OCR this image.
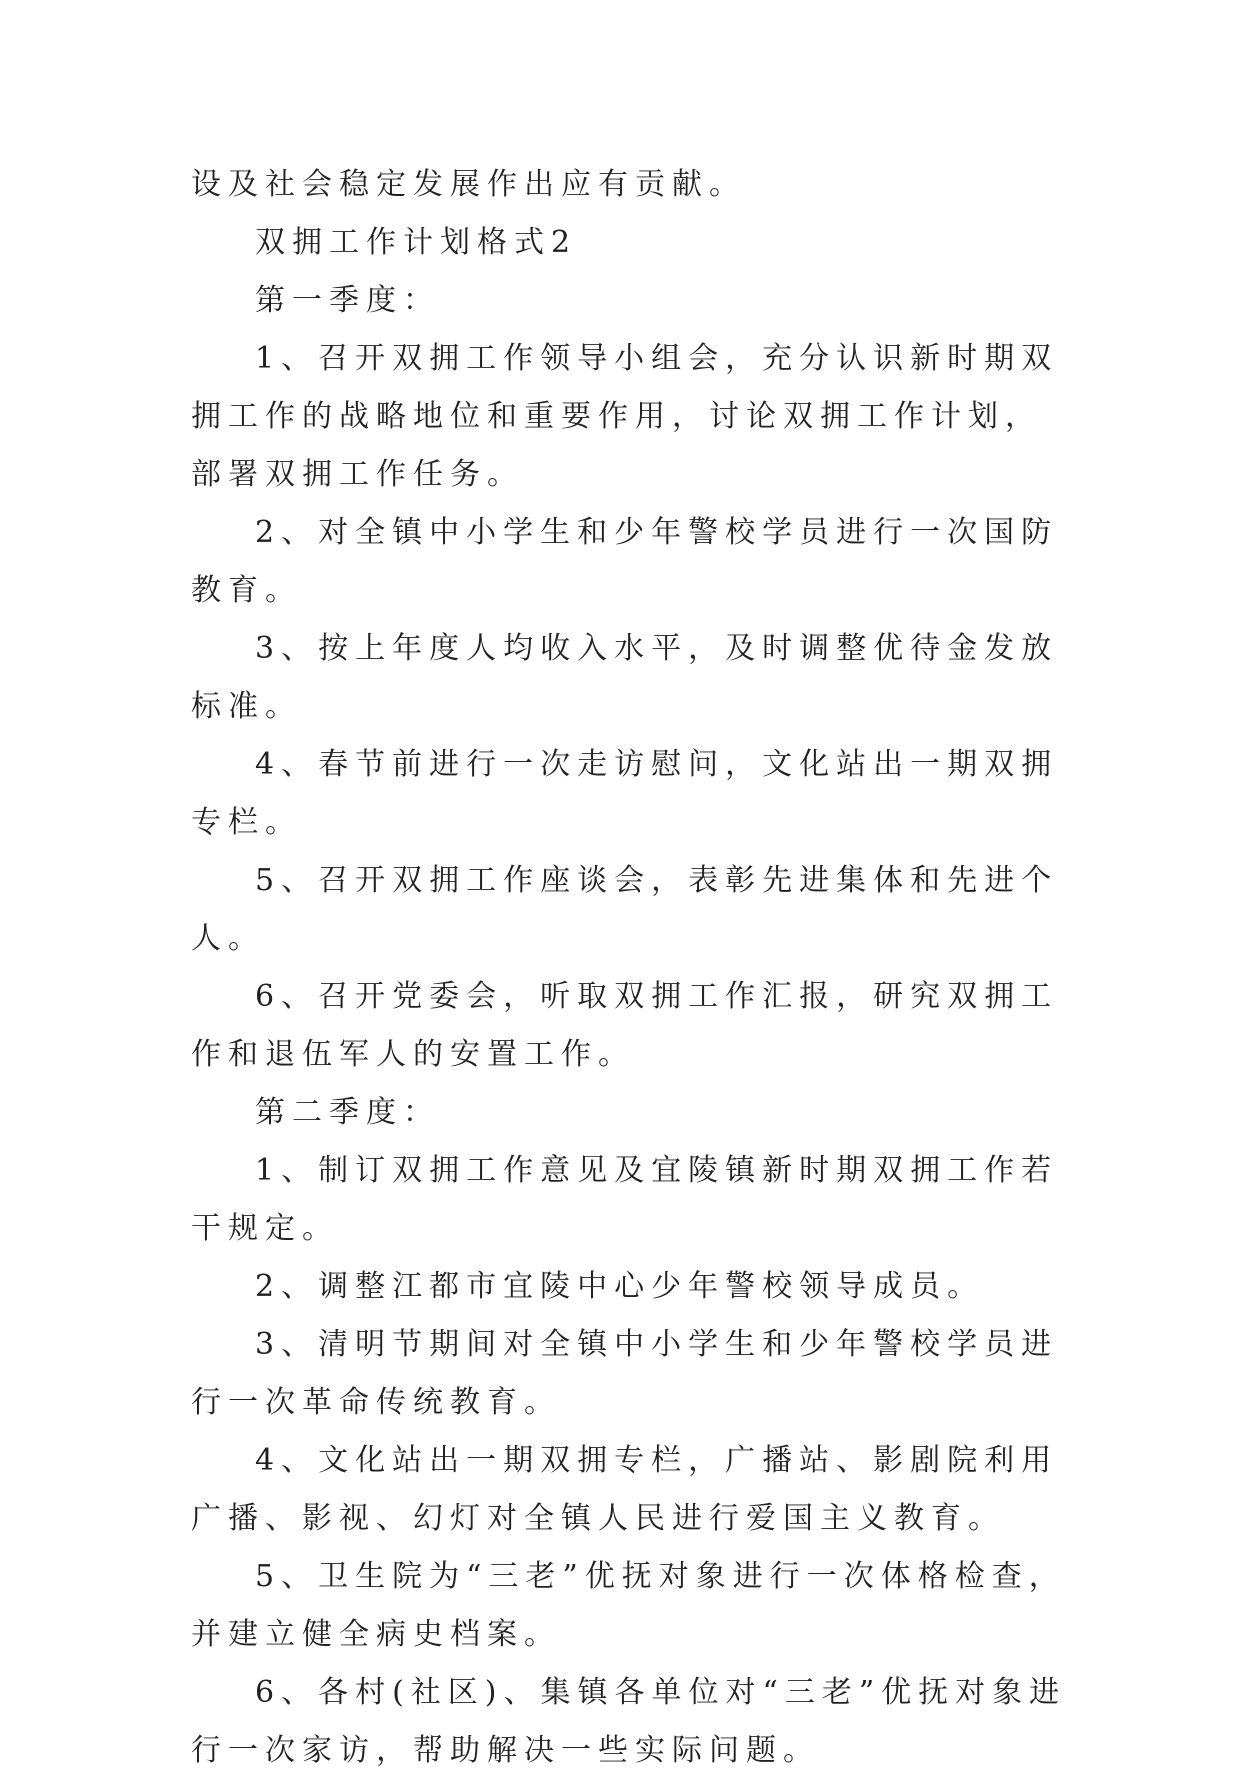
设及社会稳定发展作出应有贡献。

双拥工作计划格式2

第一季度：

1、召开双拥工作领导小组会，充分认识新时期双拥工作的战略地位和重要作用，讨论双拥工作计划，部署双拥工作任务。

2、对全镇中小学生和少年警校学员进行一次国防教育。

3、按上年度人均收入水平，及时调整优待金发放标准。

4、春节前进行一次走访慰问，文化站出一期双拥专栏。

5、召开双拥工作座谈会，表彰先进集体和先进个人。

6、召开党委会，听取双拥工作汇报，研究双拥工作和退伍军人的安置工作。

第二季度：

1、制订双拥工作意见及宜陵镇新时期双拥工作若干规定。

2、调整江都市宜陵中心少年警校领导成员。

3、清明节期间对全镇中小学生和少年警校学员进行一次革命传统教育。

4、文化站出一期双拥专栏，广播站、影剧院利用广播、影视、幻灯对全镇人民进行爱国主义教育。

5、卫生院为“三老”优抚对象进行一次体格检查，并建立健全病史档案。

6、各村(社区)、集镇各单位对“三老”优抚对象进行一次家访，帮助解决一些实际问题。
